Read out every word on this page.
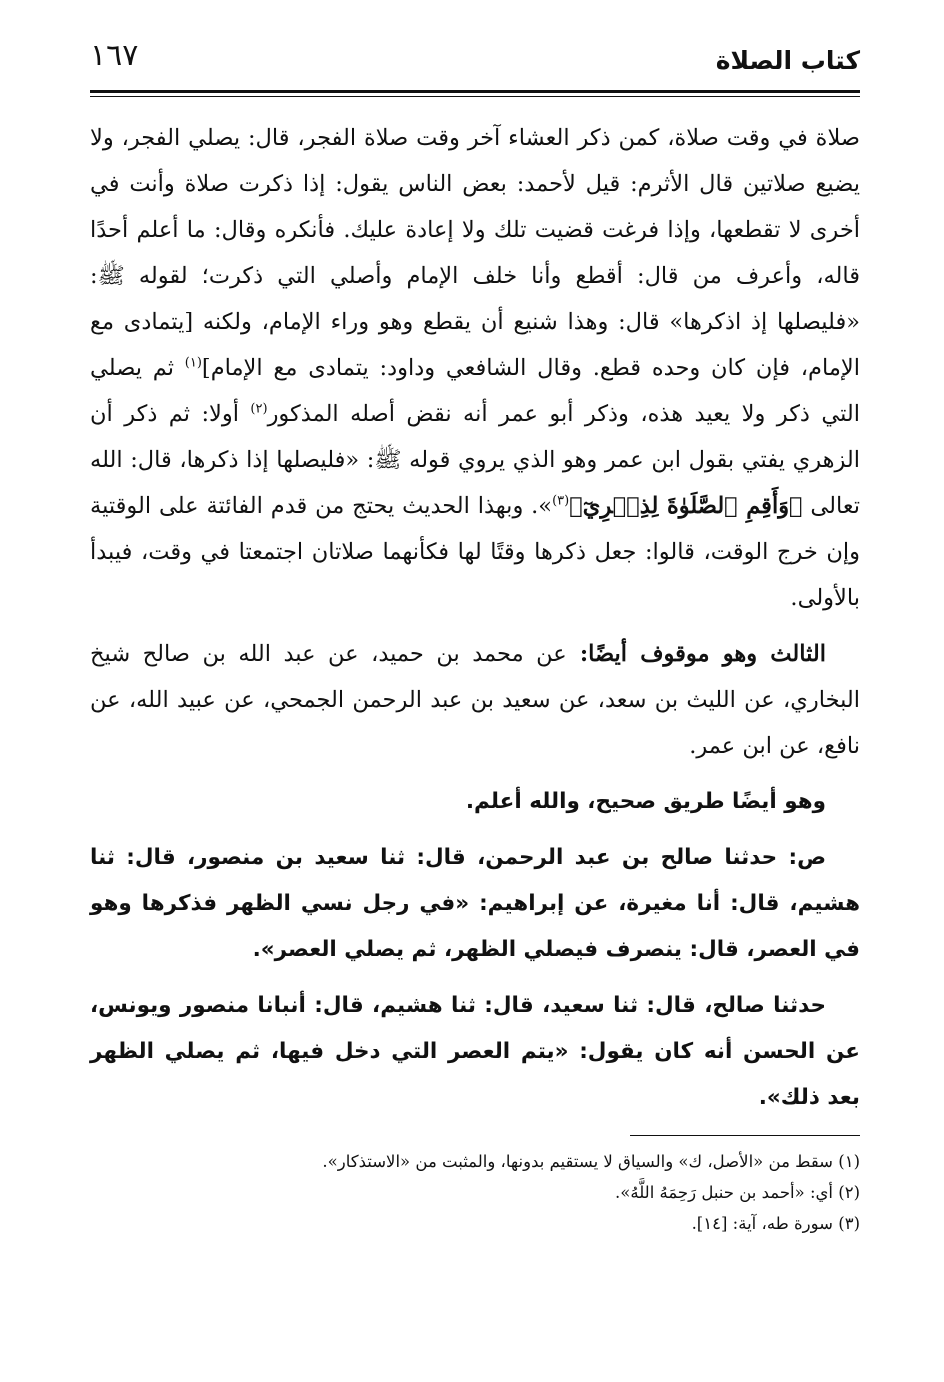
كتاب الصلاة
١٦٧

صلاة في وقت صلاة، كمن ذكر العشاء آخر وقت صلاة الفجر، قال: يصلي الفجر، ولا يضيع صلاتين قال الأثرم: قيل لأحمد: بعض الناس يقول: إذا ذكرت صلاة وأنت في أخرى لا تقطعها، وإذا فرغت قضيت تلك ولا إعادة عليك. فأنكره وقال: ما أعلم أحدًا قاله، وأعرف من قال: أقطع وأنا خلف الإمام وأصلي التي ذكرت؛ لقوله ﷺ: «فليصلها إذ اذكرها» قال: وهذا شنيع أن يقطع وهو وراء الإمام، ولكنه [يتمادى مع الإمام، فإن كان وحده قطع. وقال الشافعي وداود: يتمادى مع الإمام]$^{(١)}$ ثم يصلي التي ذكر ولا يعيد هذه، وذكر أبو عمر أنه نقض أصله المذكور$^{(٢)}$ أولا: ثم ذكر أن الزهري يفتي بقول ابن عمر وهو الذي يروي قوله ﷺ: «فليصلها إذا ذكرها، قال: الله تعالى ﴿وَأَقِمِ ٱلصَّلَوٰةَ لِذِكۡرِيٓ﴾$^{(٣)}$». وبهذا الحديث يحتج من قدم الفائتة على الوقتية وإن خرج الوقت، قالوا: جعل ذكرها وقتًا لها فكأنهما صلاتان اجتمعتا في وقت، فيبدأ بالأولى.

الثالث وهو موقوف أيضًا: عن محمد بن حميد، عن عبد الله بن صالح شيخ البخاري، عن الليث بن سعد، عن سعيد بن عبد الرحمن الجمحي، عن عبيد الله، عن نافع، عن ابن عمر.

وهو أيضًا طريق صحيح، والله أعلم.

ص: حدثنا صالح بن عبد الرحمن، قال: ثنا سعيد بن منصور، قال: ثنا هشيم، قال: أنا مغيرة، عن إبراهيم: «في رجل نسي الظهر فذكرها وهو في العصر، قال: ينصرف فيصلي الظهر، ثم يصلي العصر».

حدثنا صالح، قال: ثنا سعيد، قال: ثنا هشيم، قال: أنبانا منصور ويونس، عن الحسن أنه كان يقول: «يتم العصر التي دخل فيها، ثم يصلي الظهر بعد ذلك».

(١) سقط من «الأصل، ك» والسياق لا يستقيم بدونها، والمثبت من «الاستذكار».
(٢) أي: «أحمد بن حنبل رَحِمَهُ اللَّهُ».
(٣) سورة طه، آية: [١٤].
